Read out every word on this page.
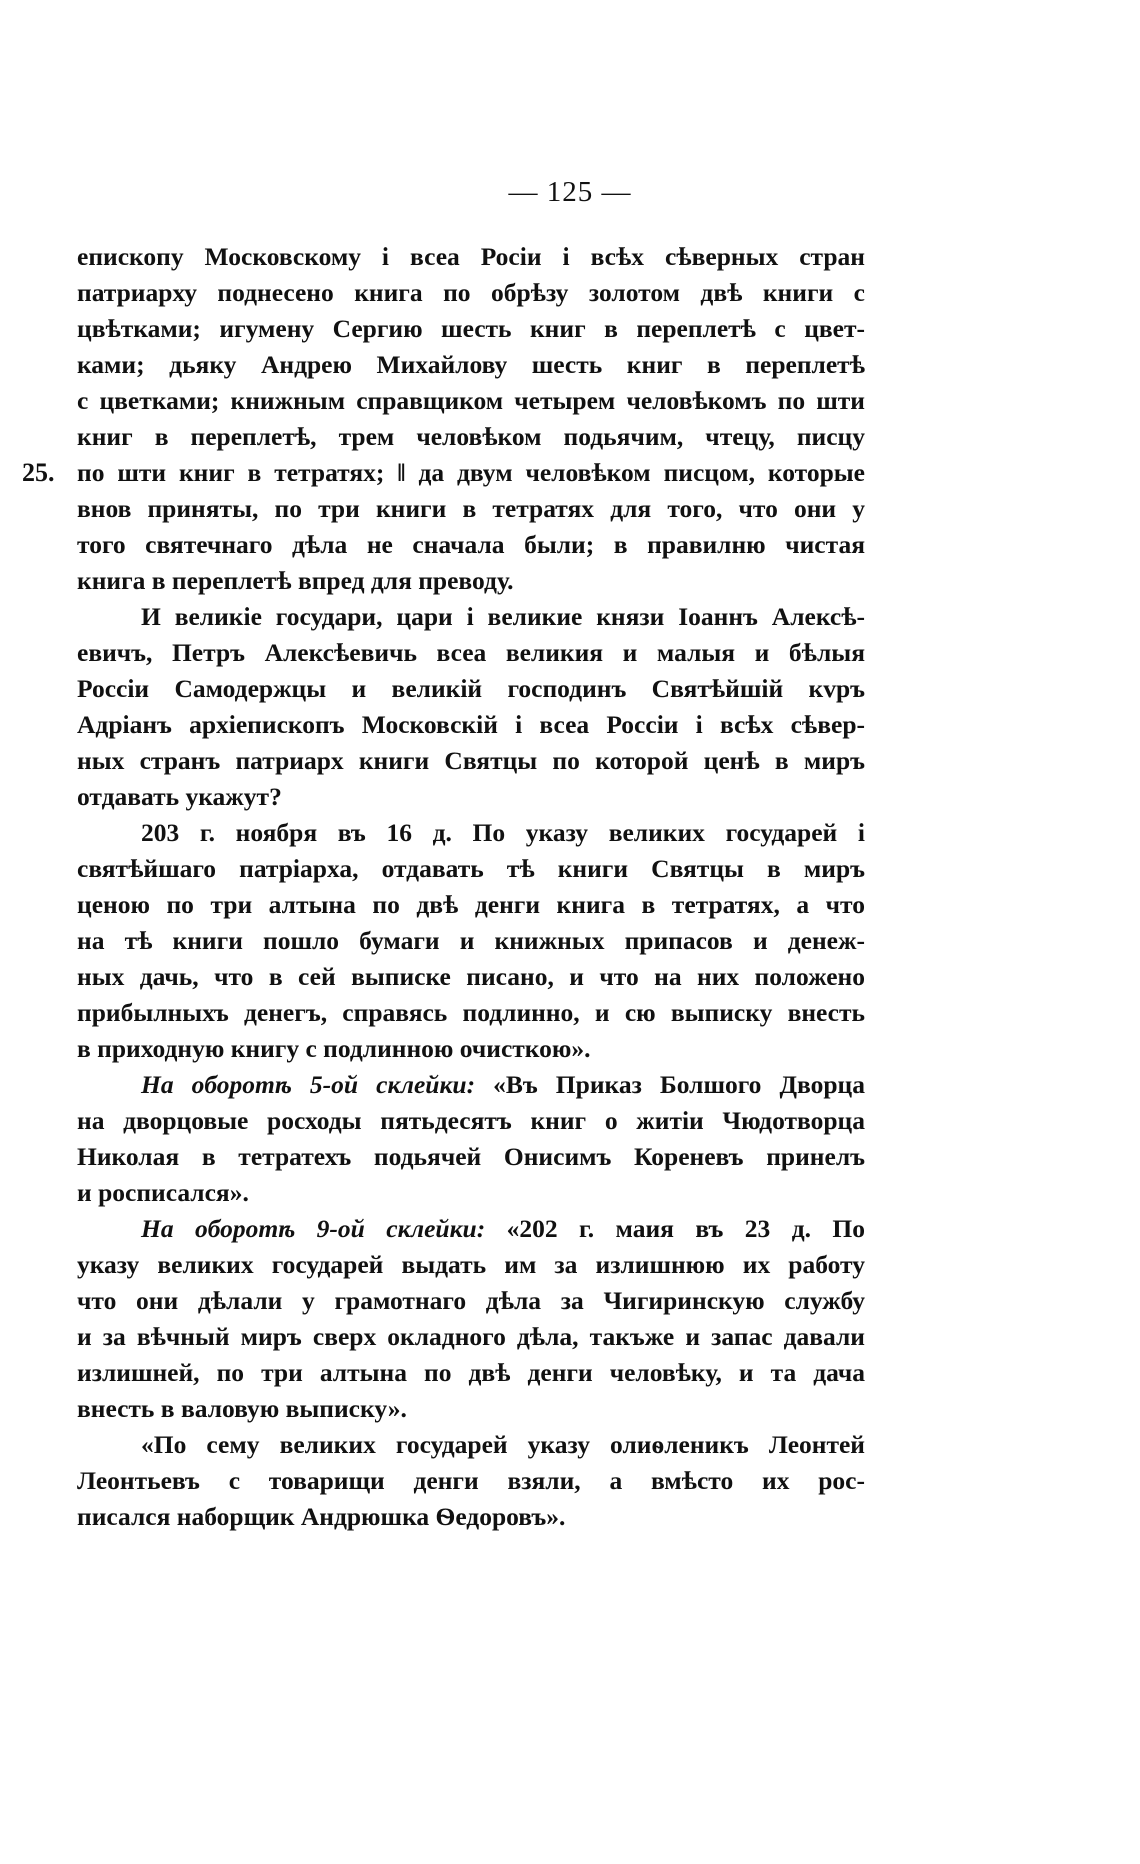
— 125 —
епископу Московскому і всеа Росіи і всѣх сѣверных стран
патриарху поднесено книга по обрѣзу золотом двѣ книги с
цвѣтками; игумену Сергию шесть книг в переплетѣ с цвет-
ками; дьяку Андрею Михайлову шесть книг в переплетѣ
с цветками; книжным справщиком четырем человѣкомъ по шти
книг в переплетѣ, трем человѣком подьячим, чтецу, писцу
25. по шти книг в тетратях; ‖ да двум человѣком писцом, которые
внов приняты, по три книги в тетратях для того, что они у
того святечнаго дѣла не сначала были; в правилню чистая
книга в переплетѣ впред для преводу.
И великіе государи, цари і великие князи Іоаннъ Алексѣ-
евичъ, Петръ Алексѣевичь всеа великия и малыя и бѣлыя
Россіи Самодержцы и великій господинъ Святѣйшій кvръ
Адріанъ архіепископъ Московскій і всеа Россіи і всѣх сѣвер-
ных странъ патриарх книги Святцы по которой ценѣ в миръ
отдавать укажут?
203 г. ноября въ 16 д. По указу великих государей і
святѣйшаго патріарха, отдавать тѣ книги Святцы в миръ
ценою по три алтына по двѣ денги книга в тетратях, а что
на тѣ книги пошло бумаги и книжных припасов и денеж-
ных дачь, что в сей выписке писано, и что на них положено
прибылныхъ денегъ, справясь подлинно, и сю выписку внесть
в приходную книгу с подлинною очисткою».
На оборотѣ 5-ой склейки: «Въ Приказ Болшого Дворца
на дворцовые росходы пятьдесятъ книг о житіи Чюдотворца
Николая в тетратехъ подьячей Онисимъ Кореневъ принелъ
и росписался».
На оборотѣ 9-ой склейки: «202 г. маия въ 23 д. По
указу великих государей выдать им за излишнюю их работу
что они дѣлали у грамотнаго дѣла за Чигиринскую службу
и за вѣчный миръ сверх окладного дѣла, такъже и запас давали
излишней, по три алтына по двѣ денги человѣку, и та дача
внесть в валовую выписку».
«По сему великих государей указу олиѳленикъ Леонтей
Леонтьевъ с товарищи денги взяли, а вмѣсто их рос-
писался наборщик Андрюшка Ѳедоровъ».
